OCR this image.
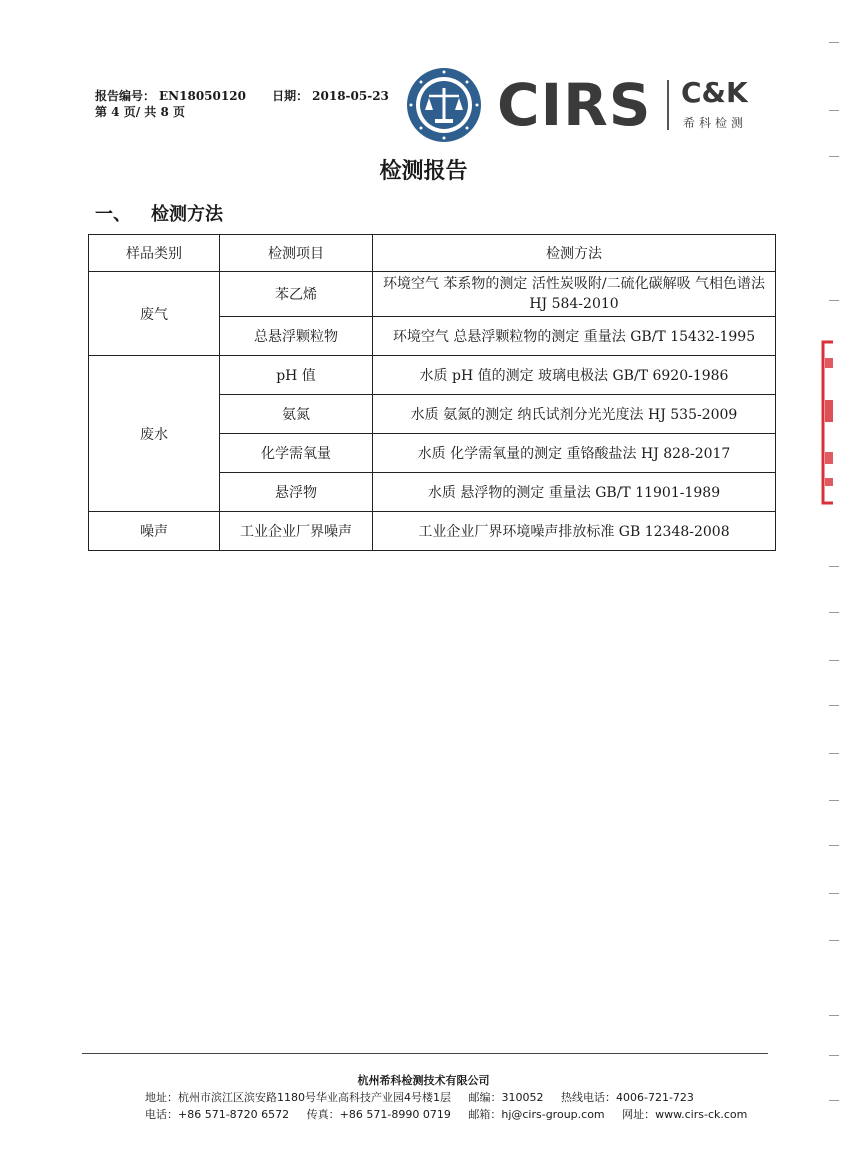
报告编号： EN18050120 日期： 2018-05-23
第 4 页/ 共 8 页	CIRS C&K
希科检测
检测报告
一、 检测方法
样品类别	检测项目	检测方法
废气	苯乙烯	环境空气 苯系物的测定 活性炭吸附/二硫化碳解吸 气相色谱法 HJ 584-2010
	总悬浮颗粒物	环境空气 总悬浮颗粒物的测定 重量法 GB/T 15432-1995
废水	pH 值	水质 pH 值的测定 玻璃电极法 GB/T 6920-1986
	氨氮	水质 氨氮的测定 纳氏试剂分光光度法 HJ 535-2009
	化学需氧量	水质 化学需氧量的测定 重铬酸盐法 HJ 828-2017
	悬浮物	水质 悬浮物的测定 重量法 GB/T 11901-1989
噪声	工业企业厂界噪声	工业企业厂界环境噪声排放标准 GB 12348-2008
杭州希科检测技术有限公司
地址：杭州市滨江区滨安路1180号华业高科技产业园4号楼1层 邮编：310052 热线电话：4006-721-723
电话：+86 571-8720 6572 传真：+86 571-8990 0719 邮箱：hj@cirs-group.com 网址：www.cirs-ck.com
